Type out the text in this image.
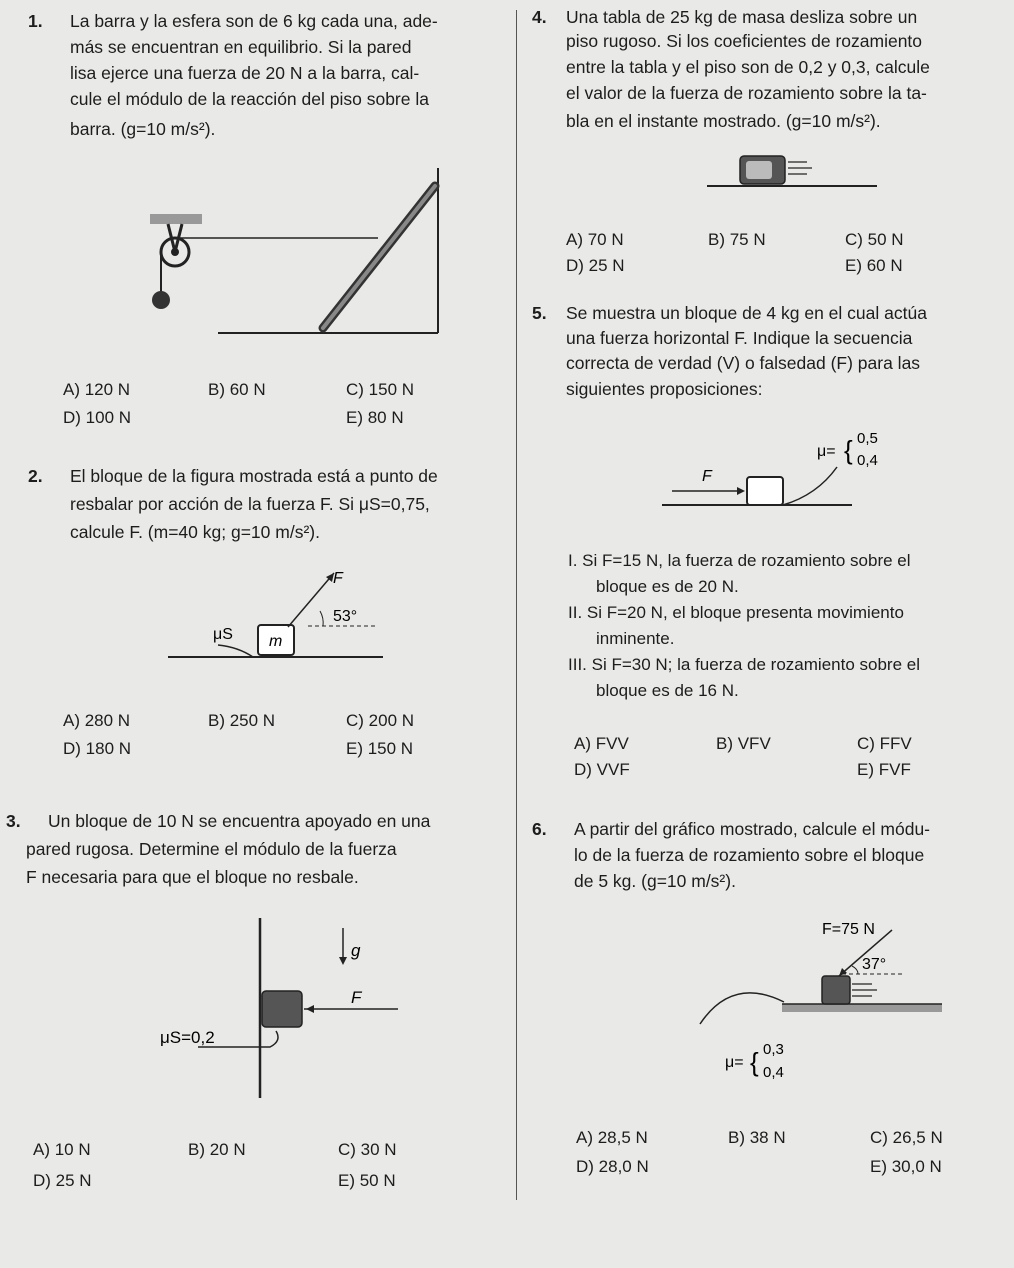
1. La barra y la esfera son de 6 kg cada una, ade-
más se encuentran en equilibrio. Si la pared
lisa ejerce una fuerza de 20 N a la barra, cal-
cule el módulo de la reacción del piso sobre la
barra. (g=10 m/s²).
A) 120 N	B) 60 N	C) 150 N
D) 100 N	E) 80 N
2. El bloque de la figura mostrada está a punto de
resbalar por acción de la fuerza F. Si μS=0,75,
calcule F. (m=40 kg; g=10 m/s²).
m
μS
F
53°
A) 280 N	B) 250 N	C) 200 N
D) 180 N	E) 150 N
3. Un bloque de 10 N se encuentra apoyado en una
pared rugosa. Determine el módulo de la fuerza
F necesaria para que el bloque no resbale.
g
F
μS=0,2
A) 10 N	B) 20 N	C) 30 N
D) 25 N	E) 50 N
4. Una tabla de 25 kg de masa desliza sobre un
piso rugoso. Si los coeficientes de rozamiento
entre la tabla y el piso son de 0,2 y 0,3, calcule
el valor de la fuerza de rozamiento sobre la ta-
bla en el instante mostrado. (g=10 m/s²).
A) 70 N	B) 75 N	C) 50 N
D) 25 N	E) 60 N
5. Se muestra un bloque de 4 kg en el cual actúa
una fuerza horizontal F. Indique la secuencia
correcta de verdad (V) o falsedad (F) para las
siguientes proposiciones:
F
μ= { 0,5
0,4
I. Si F=15 N, la fuerza de rozamiento sobre el
bloque es de 20 N.
II. Si F=20 N, el bloque presenta movimiento
inminente.
III. Si F=30 N; la fuerza de rozamiento sobre el
bloque es de 16 N.
A) FVV	B) VFV	C) FFV
D) VVF	E) FVF
6. A partir del gráfico mostrado, calcule el módu-
lo de la fuerza de rozamiento sobre el bloque
de 5 kg. (g=10 m/s²).
F=75 N
37°
μ= { 0,3
0,4
A) 28,5 N	B) 38 N	C) 26,5 N
D) 28,0 N	E) 30,0 N
